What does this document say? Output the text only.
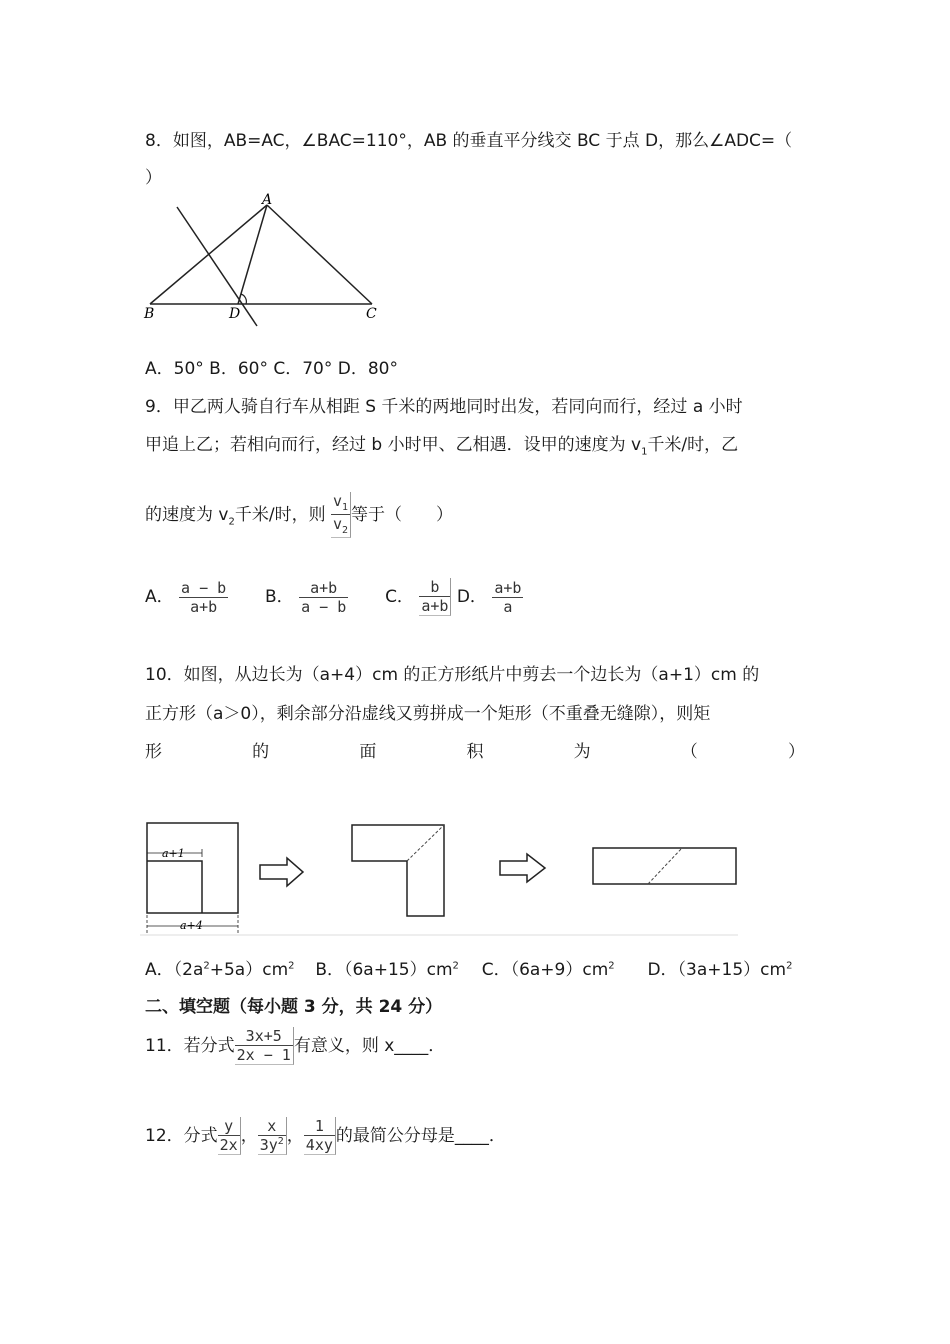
8．如图，AB=AC，∠BAC=110°，AB 的垂直平分线交 BC 于点 D，那么∠ADC=（
）
A
B	D	C
A．50° B．60° C．70° D．80°
9．甲乙两人骑自行车从相距 S 千米的两地同时出发，若同向而行，经过 a 小时
甲追上乙；若相向而行，经过 b 小时甲、乙相遇．设甲的速度为 $v_1$千米/时，乙
的速度为 $v_2$千米/时，则 $\frac{v_1}{v_2}$ 等于（　　）
A． $\frac{a - b}{a+b}$ B． $\frac{a+b}{a - b}$ C． $\frac{b}{a+b}$ D． $\frac{a+b}{a}$
10．如图，从边长为（a+4）cm 的正方形纸片中剪去一个边长为（a+1）cm 的
正方形（a＞0），剩余部分沿虚线又剪拼成一个矩形（不重叠无缝隙），则矩
形	的	面	积	为	（	）
a+1
a+4
A．$(2a^2+5a)cm^2$ B．$(6a+15)cm^2$ C．$(6a+9)cm^2$ D．$(3a+15)cm^2$
二、填空题（每小题 3 分，共 24 分）
11．若分式 $\frac{3x+5}{2x - 1}$ 有意义，则 x____．
12．分式 $\frac{y}{2x}$ ， $\frac{x}{3y^2}$ ， $\frac{1}{4xy}$ 的最简公分母是____．
